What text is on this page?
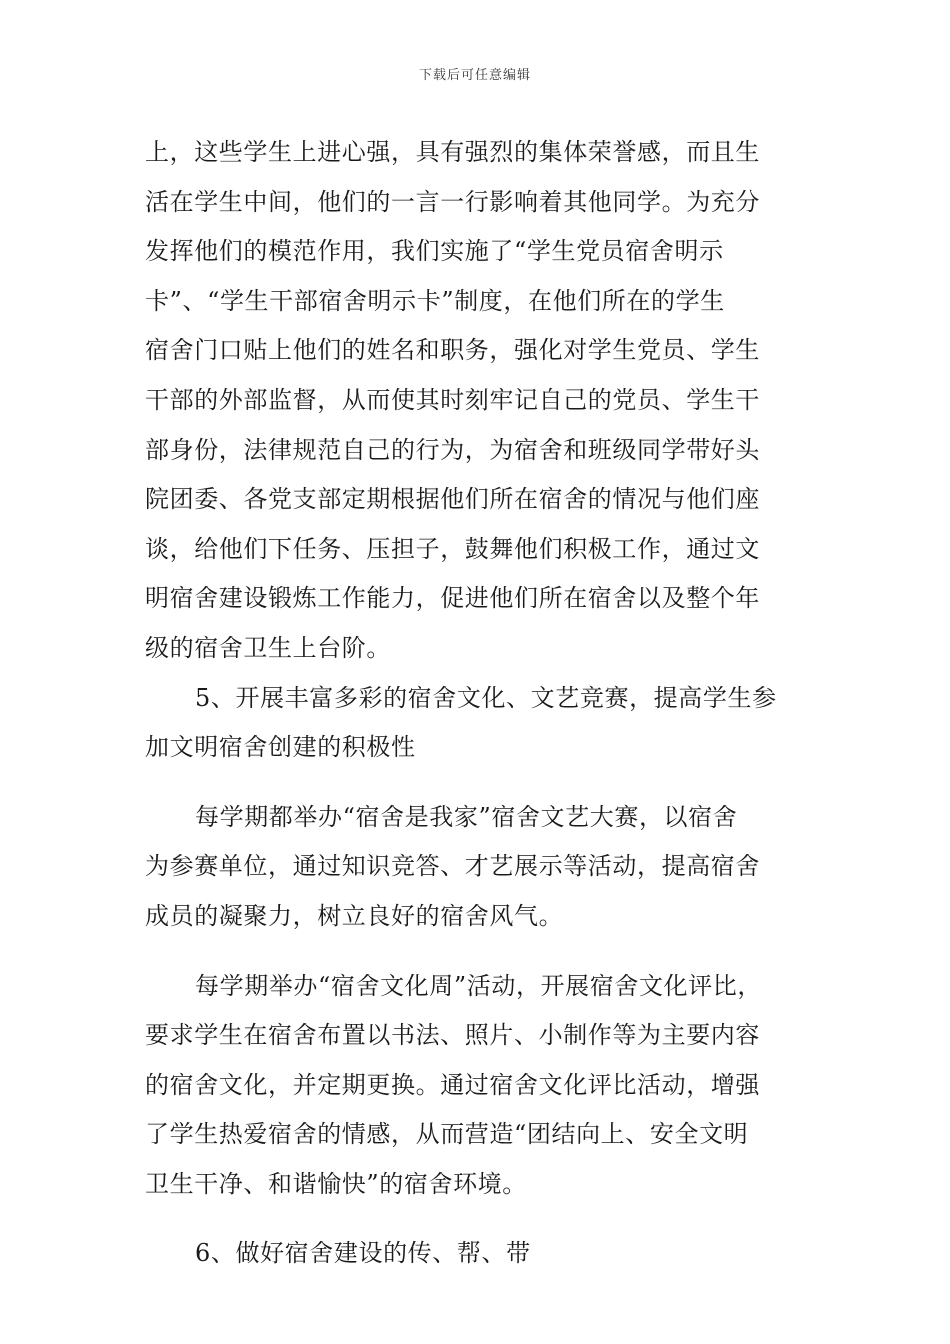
下载后可任意编辑
上，这些学生上进心强，具有强烈的集体荣誉感，而且生
活在学生中间，他们的一言一行影响着其他同学。为充分
发挥他们的模范作用，我们实施了“学生党员宿舍明示
卡”、“学生干部宿舍明示卡”制度，在他们所在的学生
宿舍门口贴上他们的姓名和职务，强化对学生党员、学生
干部的外部监督，从而使其时刻牢记自己的党员、学生干
部身份，法律规范自己的行为，为宿舍和班级同学带好头
院团委、各党支部定期根据他们所在宿舍的情况与他们座
谈，给他们下任务、压担子，鼓舞他们积极工作，通过文
明宿舍建设锻炼工作能力，促进他们所在宿舍以及整个年
级的宿舍卫生上台阶。
5、开展丰富多彩的宿舍文化、文艺竞赛，提高学生参
加文明宿舍创建的积极性
每学期都举办“宿舍是我家”宿舍文艺大赛，以宿舍
为参赛单位，通过知识竞答、才艺展示等活动，提高宿舍
成员的凝聚力，树立良好的宿舍风气。
每学期举办“宿舍文化周”活动，开展宿舍文化评比，
要求学生在宿舍布置以书法、照片、小制作等为主要内容
的宿舍文化，并定期更换。通过宿舍文化评比活动，增强
了学生热爱宿舍的情感，从而营造“团结向上、安全文明
卫生干净、和谐愉快”的宿舍环境。
6、做好宿舍建设的传、帮、带
